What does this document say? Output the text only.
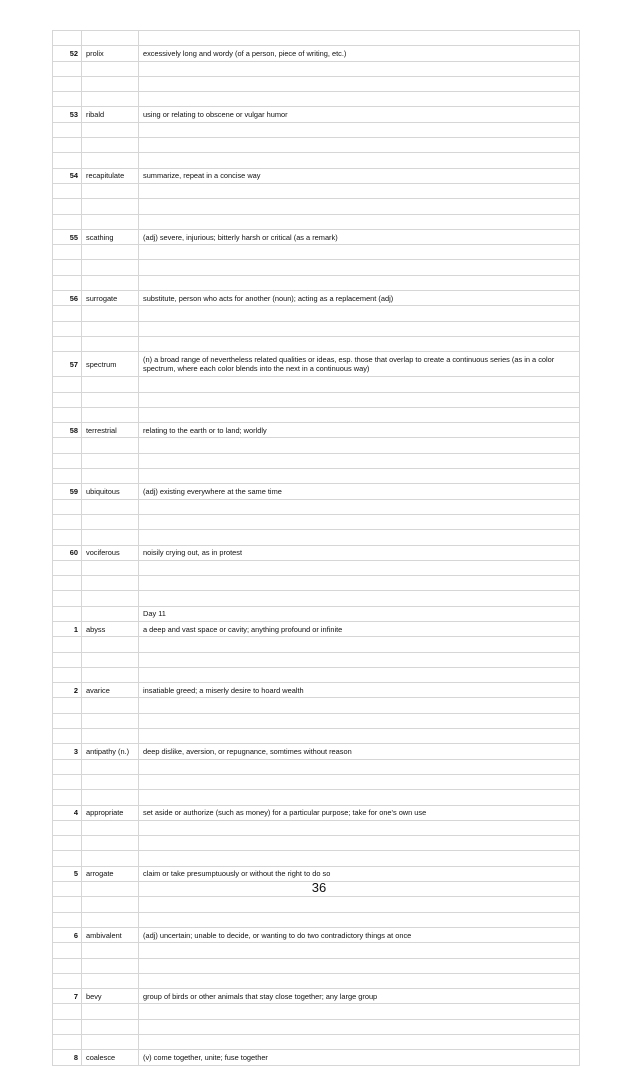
52	prolix	excessively long and wordy (of a person, piece of writing, etc.)

53	ribald	using or relating to obscene or vulgar humor

54	recapitulate	summarize, repeat in a concise way

55	scathing	(adj) severe, injurious; bitterly harsh or critical (as a remark)

56	surrogate	substitute, person who acts for another (noun); acting as a replacement (adj)

57	spectrum	(n) a broad range of nevertheless related qualities or ideas, esp. those that overlap to create a continuous series (as in a color spectrum, where each color blends into the next in a continuous way)

58	terrestrial	relating to the earth or to land; worldly

59	ubiquitous	(adj) existing everywhere at the same time

60	vociferous	noisily crying out, as in protest

		Day 11
1	abyss	a deep and vast space or cavity; anything profound or infinite

2	avarice	insatiable greed; a miserly desire to hoard wealth

3	antipathy (n.)	deep dislike, aversion, or repugnance, somtimes without reason

4	appropriate	set aside or authorize (such as money) for a particular purpose; take for one's own use

5	arrogate	claim or take presumptuously or without the right to do so

6	ambivalent	(adj) uncertain; unable to decide, or wanting to do two contradictory things at once

7	bevy	group of birds or other animals that stay close together; any large group

8	coalesce	(v) come together, unite; fuse together
36
